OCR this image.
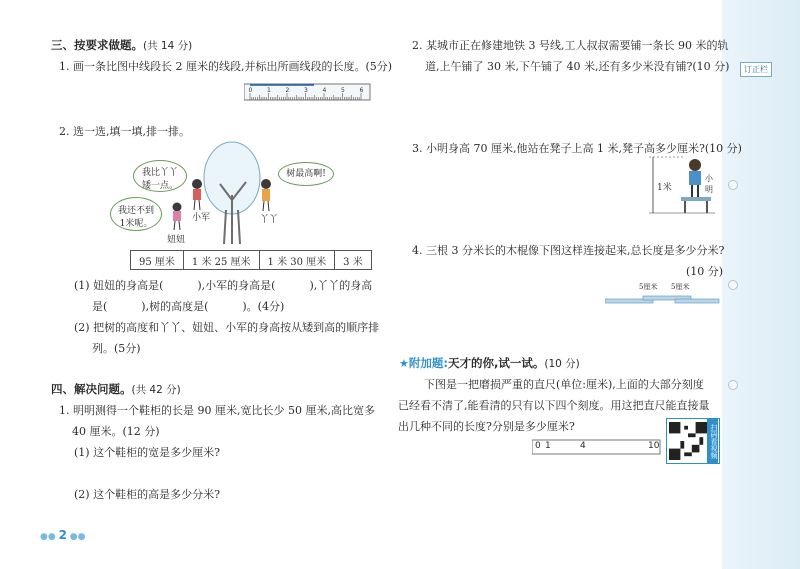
订正栏
三、按要求做题。(共 14 分)
1. 画一条比图中线段长 2 厘米的线段,并标出所画线段的长度。(5分)
0 1 2 3 4 5 6
2. 选一选,填一填,排一排。
我比丫丫
矮一点。
我还不到
1米呢。
树最高啊!
小军
妞妞
丫丫
95 厘米	1 米 25 厘米	1 米 30 厘米	3 米
(1) 妞妞的身高是(	),小军的身高是(	),丫丫的身高
是(	),树的高度是(	)。(4分)
(2) 把树的高度和丫丫、妞妞、小军的身高按从矮到高的顺序排
列。(5分)
四、解决问题。(共 42 分)
1. 明明测得一个鞋柜的长是 90 厘米,宽比长少 50 厘米,高比宽多
40 厘米。(12 分)
(1) 这个鞋柜的宽是多少厘米?
(2) 这个鞋柜的高是多少分米?
●● 2 ●●
2. 某城市正在修建地铁 3 号线,工人叔叔需要铺一条长 90 米的轨
道,上午铺了 30 米,下午铺了 40 米,还有多少米没有铺?(10 分)
3. 小明身高 70 厘米,他站在凳子上高 1 米,凳子高多少厘米?(10 分)
1米
小明
4. 三根 3 分米长的木棍像下图这样连接起来,总长度是多少分米?
(10 分)
5厘米 5厘米
★附加题:天才的你,试一试。(10 分)
下图是一把磨损严重的直尺(单位:厘米),上面的大部分刻度
已经看不清了,能看清的只有以下四个刻度。用这把直尺能直接量
出几种不同的长度?分别是多少厘米?
0 1	4	10	扫码看视频
